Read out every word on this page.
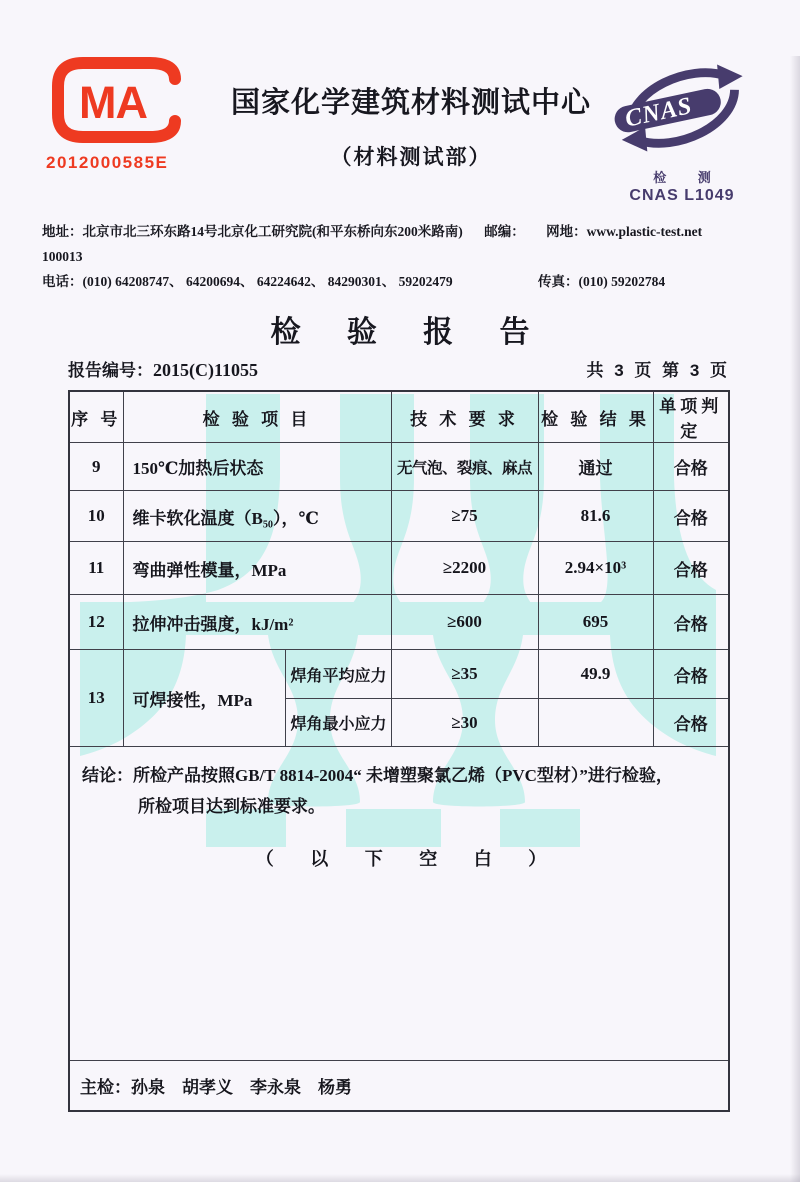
MA
2012000585E
国家化学建筑材料测试中心
（材料测试部）
CNAS
检 测
CNAS L1049
地址：北京市北三环东路14号北京化工研究院(和平东桥向东200米路南) 邮编：100013
网地：www.plastic-test.net
电话：(010) 64208747、 64200694、 64224642、 84290301、 59202479	传真：(010) 59202784
检 验 报 告
报告编号：2015(C)11055	共 3 页 第 3 页
序 号	检 验 项 目		技 术 要 求	检 验 结 果	单项判定
9	150℃加热后状态		无气泡、裂痕、麻点	通过	合格
10	维卡软化温度（B₅₀），℃		≥75	81.6	合格
11	弯曲弹性模量，MPa		≥2200	2.94×10³	合格
12	拉伸冲击强度，kJ/m²		≥600	695	合格
13	可焊接性，MPa	焊角平均应力	≥35	49.9	合格
		焊角最小应力	≥30		合格

结论：所检产品按照GB/T 8814-2004“ 未增塑聚氯乙烯（PVC型材）”进行检验，
所检项目达到标准要求。
（ 以 下 空 白 ）					

主检：孙泉　胡孝义　李永泉　杨勇					
